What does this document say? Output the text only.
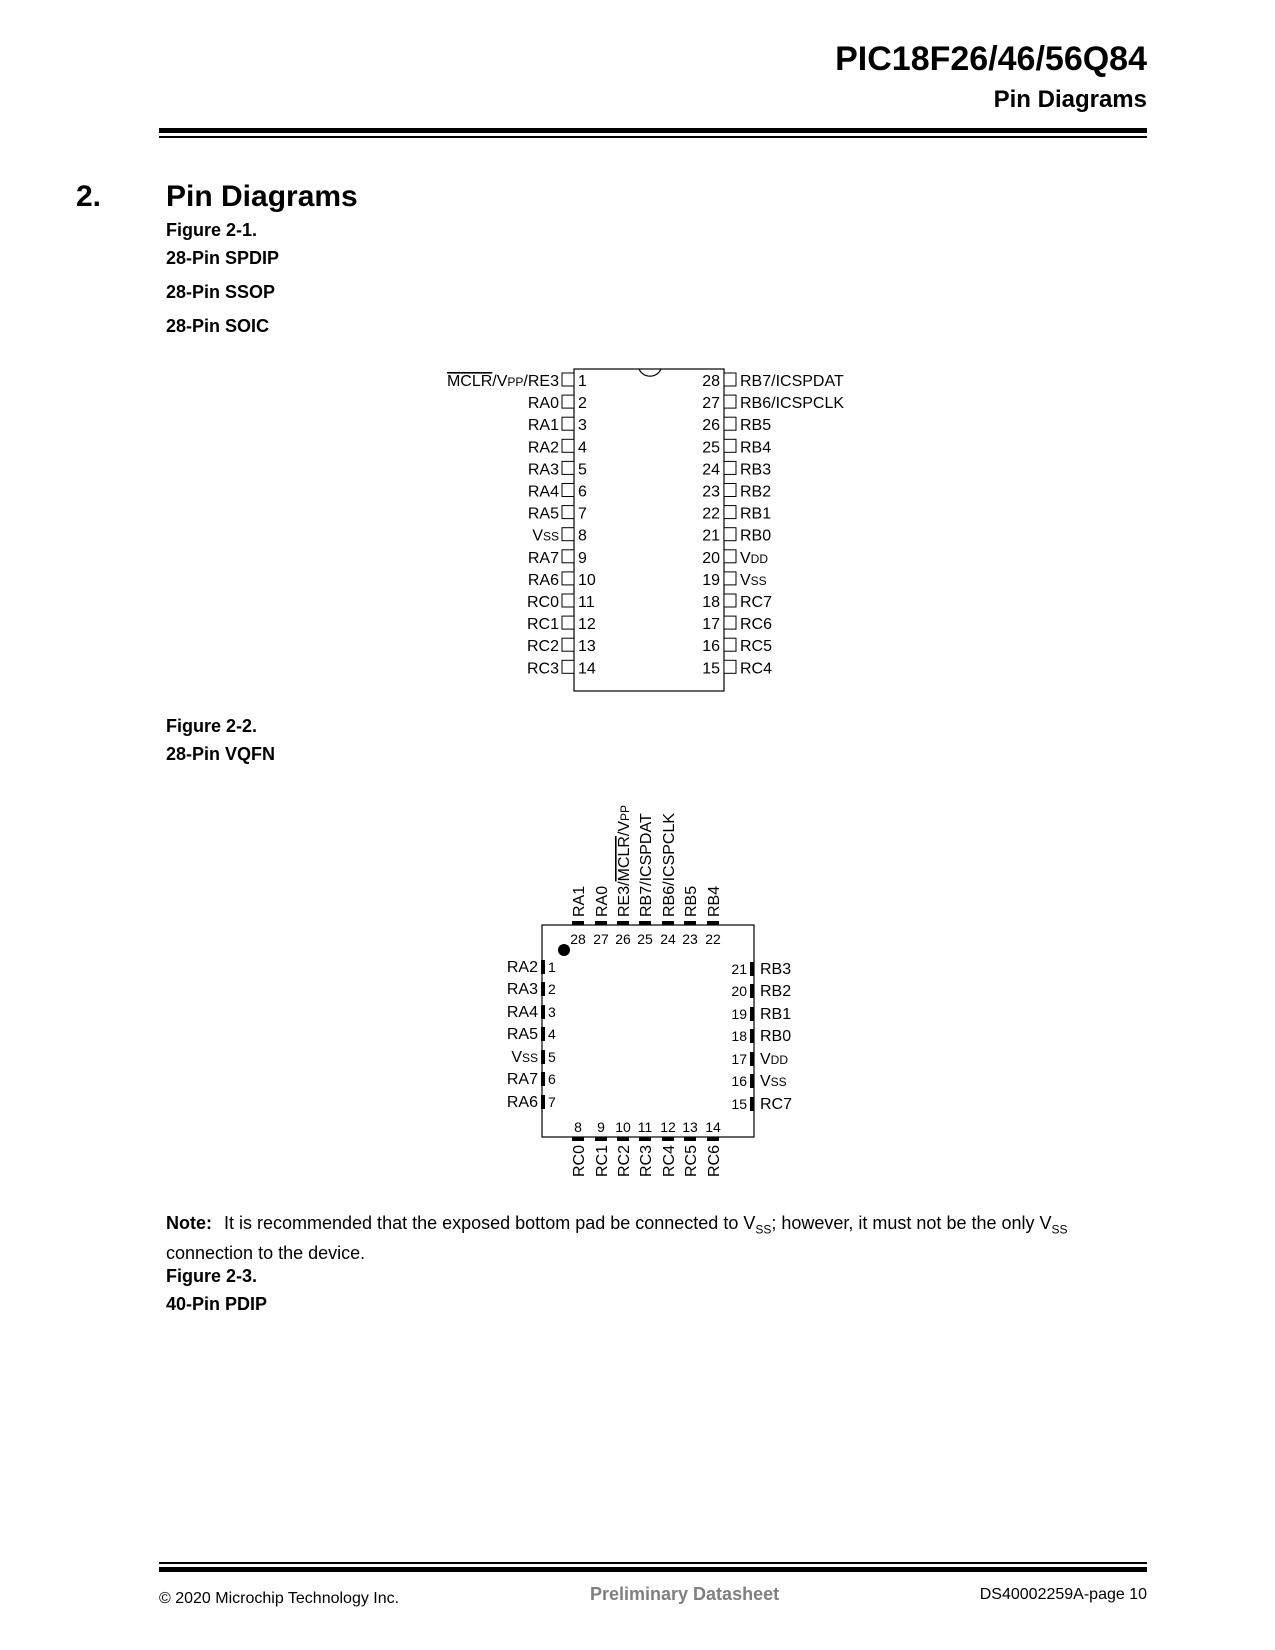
PIC18F26/46/56Q84
Pin Diagrams
2. Pin Diagrams
Figure 2-1.
28-Pin SPDIP
28-Pin SSOP
28-Pin SOIC
1
MCLR/VPP/RE3
2
RA0
3
RA1
4
RA2
5
RA3
6
RA4
7
RA5
8
VSS
9
RA7
10
RA6
11
RC0
12
RC1
13
RC2
14
RC3
28 RB7/ICSPDAT
27 RB6/ICSPCLK
26 RB5
25 RB4
24 RB3
23 RB2
22 RB1
21 RB0
20 VDD
19 VSS
18 RC7
17 RC6
16 RC5
15 RC4
Figure 2-2.
28-Pin VQFN
28
RA1
27
RA0
26
RE3/MCLR/VPP
25
RB7/ICSPDAT
24
RB6/ICSPCLK
23
RB5
22
RB4
1
RA2
2
RA3
3
RA4
4
RA5
5
VSS
6
RA7
7
RA6
21 RB3
20 RB2
19 RB1
18 RB0
17 VDD
16 VSS
15 RC7
8
RC0
9
RC1
10
RC2
11
RC3
12
RC4
13
RC5
14
RC6
Note: It is recommended that the exposed bottom pad be connected to $V_{SS}$; however, it must not be the only $V_{SS}$
connection to the device.
Figure 2-3.
40-Pin PDIP
© 2020 Microchip Technology Inc.	Preliminary Datasheet	DS40002259A-page 10
